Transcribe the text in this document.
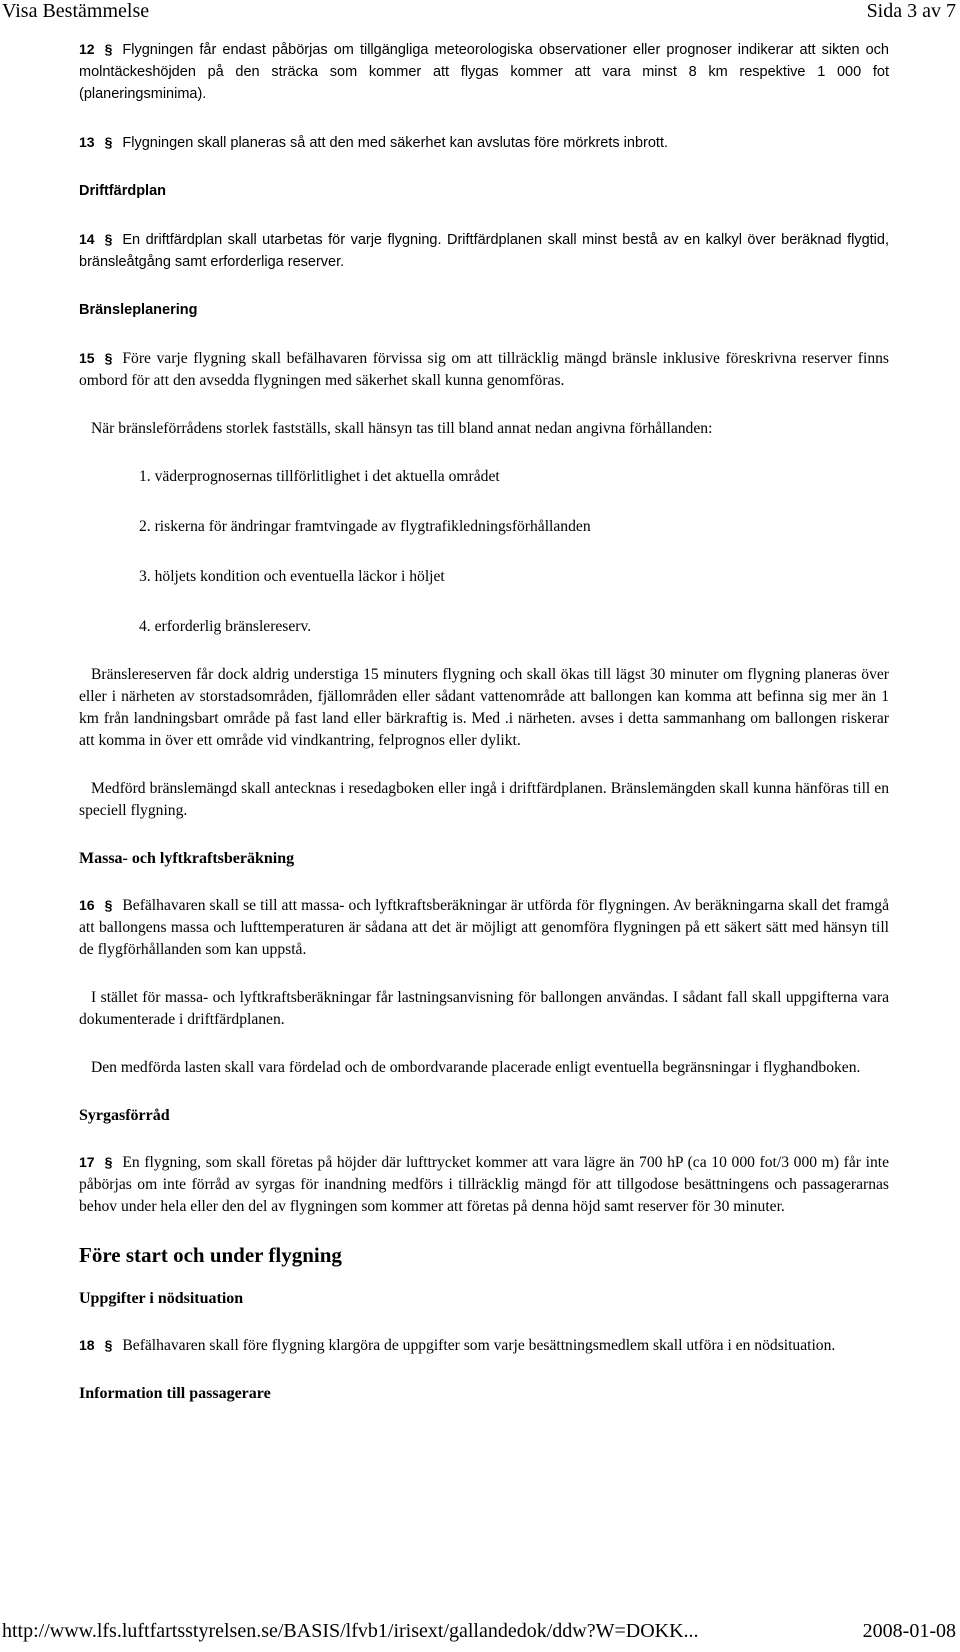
Visa Bestämmelse	Sida 3 av 7

12 § Flygningen får endast påbörjas om tillgängliga meteorologiska observationer eller prognoser indikerar att sikten och molntäckeshöjden på den sträcka som kommer att flygas kommer att vara minst 8 km respektive 1 000 fot (planeringsminima).

13 § Flygningen skall planeras så att den med säkerhet kan avslutas före mörkrets inbrott.

Driftfärdplan

14 § En driftfärdplan skall utarbetas för varje flygning. Driftfärdplanen skall minst bestå av en kalkyl över beräknad flygtid, bränsleåtgång samt erforderliga reserver.

Bränsleplanering

15 § Före varje flygning skall befälhavaren förvissa sig om att tillräcklig mängd bränsle inklusive föreskrivna reserver finns ombord för att den avsedda flygningen med säkerhet skall kunna genomföras.

När bränsleförrådens storlek fastställs, skall hänsyn tas till bland annat nedan angivna förhållanden:

1. väderprognosernas tillförlitlighet i det aktuella området
2. riskerna för ändringar framtvingade av flygtrafikledningsförhållanden
3. höljets kondition och eventuella läckor i höljet
4. erforderlig bränslereserv.

Bränslereserven får dock aldrig understiga 15 minuters flygning och skall ökas till lägst 30 minuter om flygning planeras över eller i närheten av storstadsområden, fjällområden eller sådant vattenområde att ballongen kan komma att befinna sig mer än 1 km från landningsbart område på fast land eller bärkraftig is. Med .i närheten. avses i detta sammanhang om ballongen riskerar att komma in över ett område vid vindkantring, felprognos eller dylikt.

Medförd bränslemängd skall antecknas i resedagboken eller ingå i driftfärdplanen. Bränslemängden skall kunna hänföras till en speciell flygning.

Massa- och lyftkraftsberäkning

16 § Befälhavaren skall se till att massa- och lyftkraftsberäkningar är utförda för flygningen. Av beräkningarna skall det framgå att ballongens massa och lufttemperaturen är sådana att det är möjligt att genomföra flygningen på ett säkert sätt med hänsyn till de flygförhållanden som kan uppstå.

I stället för massa- och lyftkraftsberäkningar får lastningsanvisning för ballongen användas. I sådant fall skall uppgifterna vara dokumenterade i driftfärdplanen.

Den medförda lasten skall vara fördelad och de ombordvarande placerade enligt eventuella begränsningar i flyghandboken.

Syrgasförråd

17 § En flygning, som skall företas på höjder där lufttrycket kommer att vara lägre än 700 hP (ca 10 000 fot/3 000 m) får inte påbörjas om inte förråd av syrgas för inandning medförs i tillräcklig mängd för att tillgodose besättningens och passagerarnas behov under hela eller den del av flygningen som kommer att företas på denna höjd samt reserver för 30 minuter.

Före start och under flygning

Uppgifter i nödsituation

18 § Befälhavaren skall före flygning klargöra de uppgifter som varje besättningsmedlem skall utföra i en nödsituation.

Information till passagerare

http://www.lfs.luftfartsstyrelsen.se/BASIS/lfvb1/irisext/gallandedok/ddw?W=DOKK...	2008-01-08
